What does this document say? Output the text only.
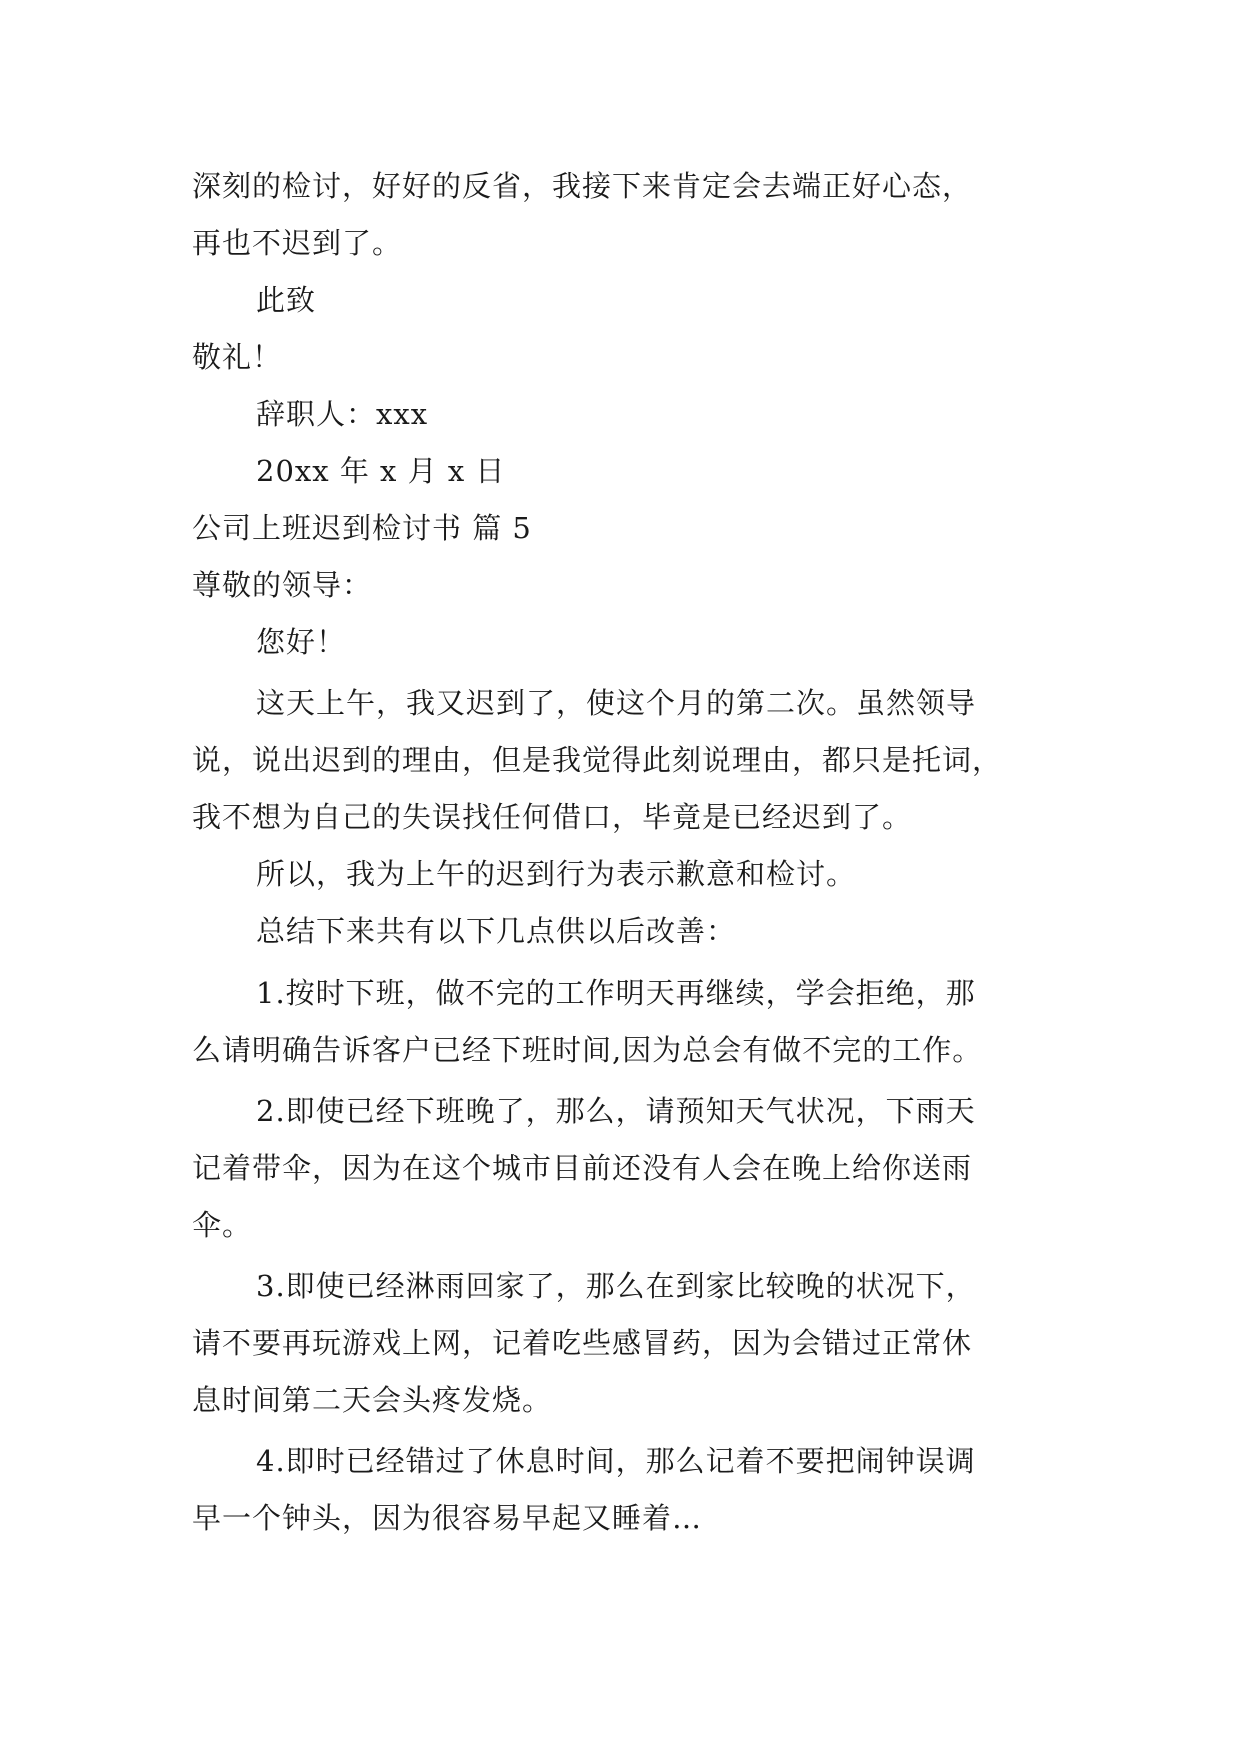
深刻的检讨，好好的反省，我接下来肯定会去端正好心态，
再也不迟到了。
此致
敬礼！
辞职人：xxx
20xx 年 x 月 x 日
公司上班迟到检讨书 篇 5
尊敬的领导：
您好！
这天上午，我又迟到了，使这个月的第二次。虽然领导
说，说出迟到的理由，但是我觉得此刻说理由，都只是托词，
我不想为自己的失误找任何借口，毕竟是已经迟到了。
所以，我为上午的迟到行为表示歉意和检讨。
总结下来共有以下几点供以后改善：
1.按时下班，做不完的工作明天再继续，学会拒绝，那
么请明确告诉客户已经下班时间,因为总会有做不完的工作。
2.即使已经下班晚了，那么，请预知天气状况，下雨天
记着带伞，因为在这个城市目前还没有人会在晚上给你送雨
伞。
3.即使已经淋雨回家了，那么在到家比较晚的状况下，
请不要再玩游戏上网，记着吃些感冒药，因为会错过正常休
息时间第二天会头疼发烧。
4.即时已经错过了休息时间，那么记着不要把闹钟误调
早一个钟头，因为很容易早起又睡着…
